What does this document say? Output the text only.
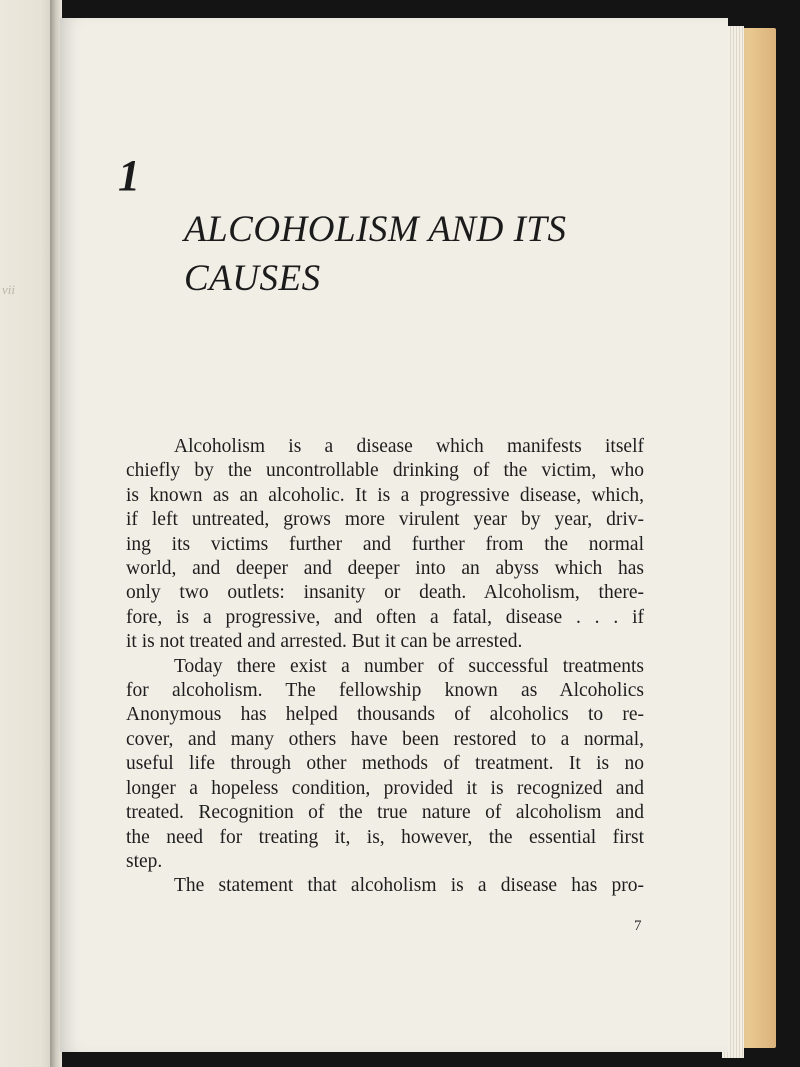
vii
1
ALCOHOLISM AND ITS
CAUSES

Alcoholism is a disease which manifests itself
chiefly by the uncontrollable drinking of the victim, who
is known as an alcoholic. It is a progressive disease, which,
if left untreated, grows more virulent year by year, driv-
ing its victims further and further from the normal
world, and deeper and deeper into an abyss which has
only two outlets: insanity or death. Alcoholism, there-
fore, is a progressive, and often a fatal, disease . . . if
it is not treated and arrested. But it can be arrested.

Today there exist a number of successful treatments
for alcoholism. The fellowship known as Alcoholics
Anonymous has helped thousands of alcoholics to re-
cover, and many others have been restored to a normal,
useful life through other methods of treatment. It is no
longer a hopeless condition, provided it is recognized and
treated. Recognition of the true nature of alcoholism and
the need for treating it, is, however, the essential first
step.

The statement that alcoholism is a disease has pro-

7
